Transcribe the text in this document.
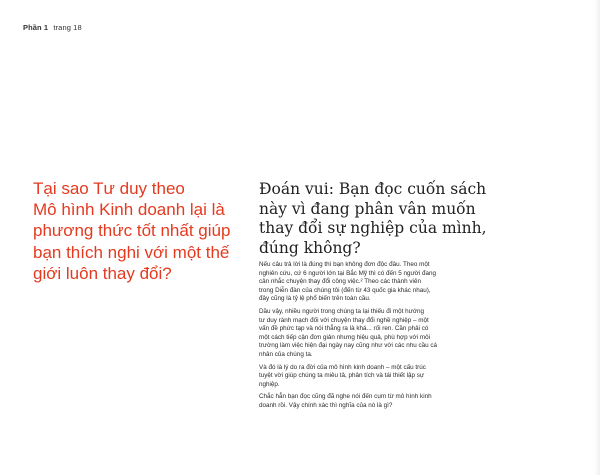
Phần 1 trang 18
Tại sao Tư duy theo
Mô hình Kinh doanh lại là
phương thức tốt nhất giúp
bạn thích nghi với một thế
giới luôn thay đổi?
Đoán vui: Bạn đọc cuốn sách
này vì đang phân vân muốn
thay đổi sự nghiệp của mình,
đúng không?

Nếu câu trả lời là đúng thì bạn không đơn độc đâu. Theo một
nghiên cứu, cứ 6 người lớn tại Bắc Mỹ thì có đến 5 người đang
cân nhắc chuyện thay đổi công việc.² Theo các thành viên
trong Diễn đàn của chúng tôi (đến từ 43 quốc gia khác nhau),
đây cũng là tỷ lệ phổ biến trên toàn cầu.

Dầu vậy, nhiều người trong chúng ta lại thiếu đi một hướng
tư duy rành mạch đối với chuyện thay đổi nghề nghiệp – một
vấn đề phức tạp và nói thẳng ra là khá... rối ren. Cần phải có
một cách tiếp cận đơn giản nhưng hiệu quả, phù hợp với môi
trường làm việc hiện đại ngày nay cũng như với các nhu cầu cá
nhân của chúng ta.

Và đó là lý do ra đời của mô hình kinh doanh – một cấu trúc
tuyệt vời giúp chúng ta miêu tả, phân tích và tái thiết lập sự
nghiệp.

Chắc hẳn bạn đọc cũng đã nghe nói đến cụm từ mô hình kinh
doanh rồi. Vậy chính xác thì nghĩa của nó là gì?
